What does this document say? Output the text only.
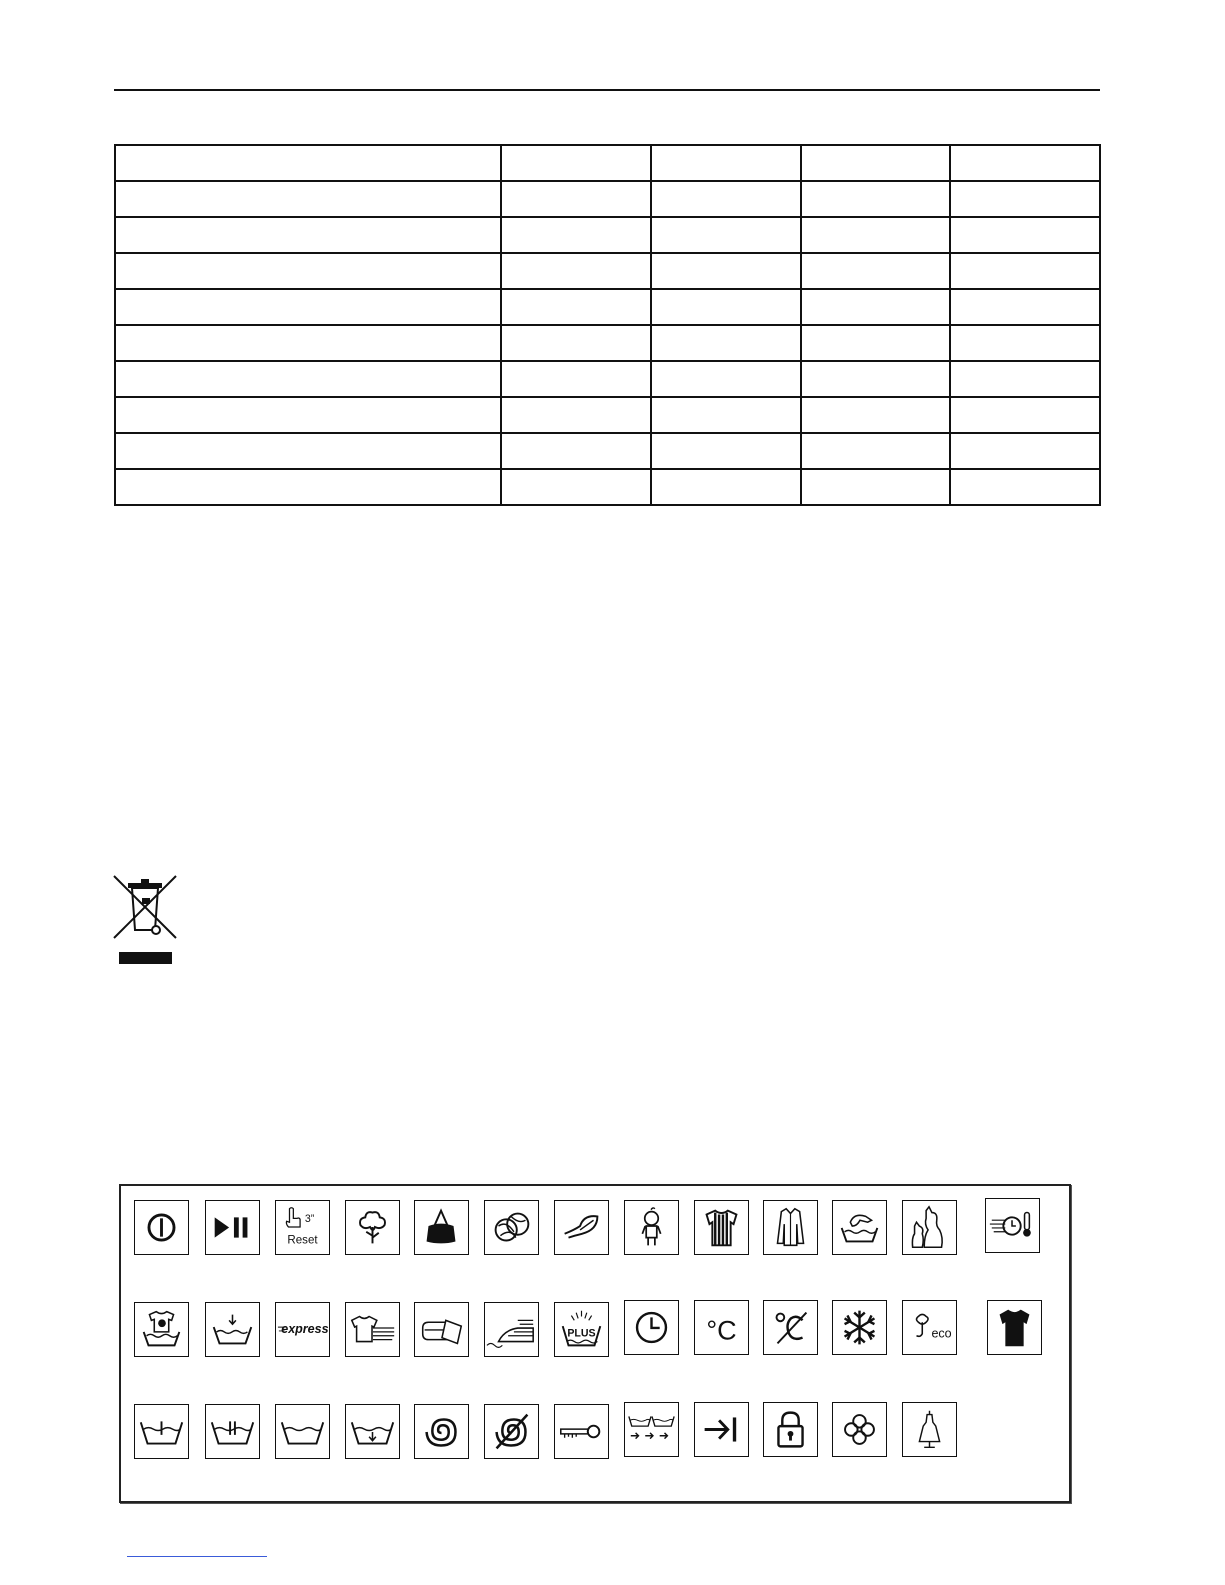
3”
Reset
express	PLUS	°C	eco
